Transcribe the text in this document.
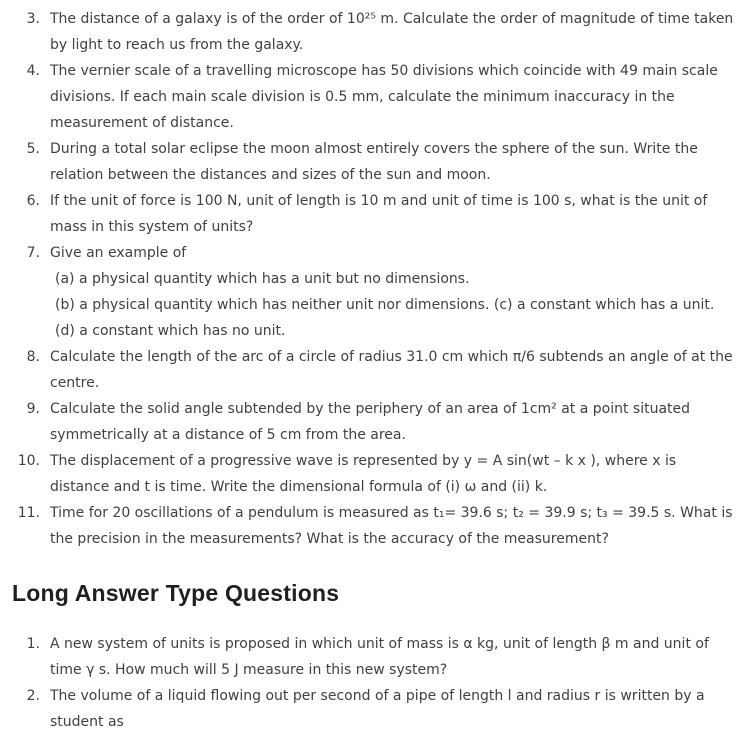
3. The distance of a galaxy is of the order of 10²⁵ m. Calculate the order of magnitude of time taken by light to reach us from the galaxy.
4. The vernier scale of a travelling microscope has 50 divisions which coincide with 49 main scale divisions. If each main scale division is 0.5 mm, calculate the minimum inaccuracy in the measurement of distance.
5. During a total solar eclipse the moon almost entirely covers the sphere of the sun. Write the relation between the distances and sizes of the sun and moon.
6. If the unit of force is 100 N, unit of length is 10 m and unit of time is 100 s, what is the unit of mass in this system of units?
7. Give an example of
(a) a physical quantity which has a unit but no dimensions.
(b) a physical quantity which has neither unit nor dimensions. (c) a constant which has a unit.
(d) a constant which has no unit.
8. Calculate the length of the arc of a circle of radius 31.0 cm which π/6 subtends an angle of at the centre.
9. Calculate the solid angle subtended by the periphery of an area of 1cm² at a point situated symmetrically at a distance of 5 cm from the area.
10. The displacement of a progressive wave is represented by y = A sin(wt – k x ), where x is distance and t is time. Write the dimensional formula of (i) ω and (ii) k.
11. Time for 20 oscillations of a pendulum is measured as t₁= 39.6 s; t₂ = 39.9 s; t₃ = 39.5 s. What is the precision in the measurements? What is the accuracy of the measurement?
Long Answer Type Questions
1. A new system of units is proposed in which unit of mass is α kg, unit of length β m and unit of time γ s. How much will 5 J measure in this new system?
2. The volume of a liquid flowing out per second of a pipe of length l and radius r is written by a student as
